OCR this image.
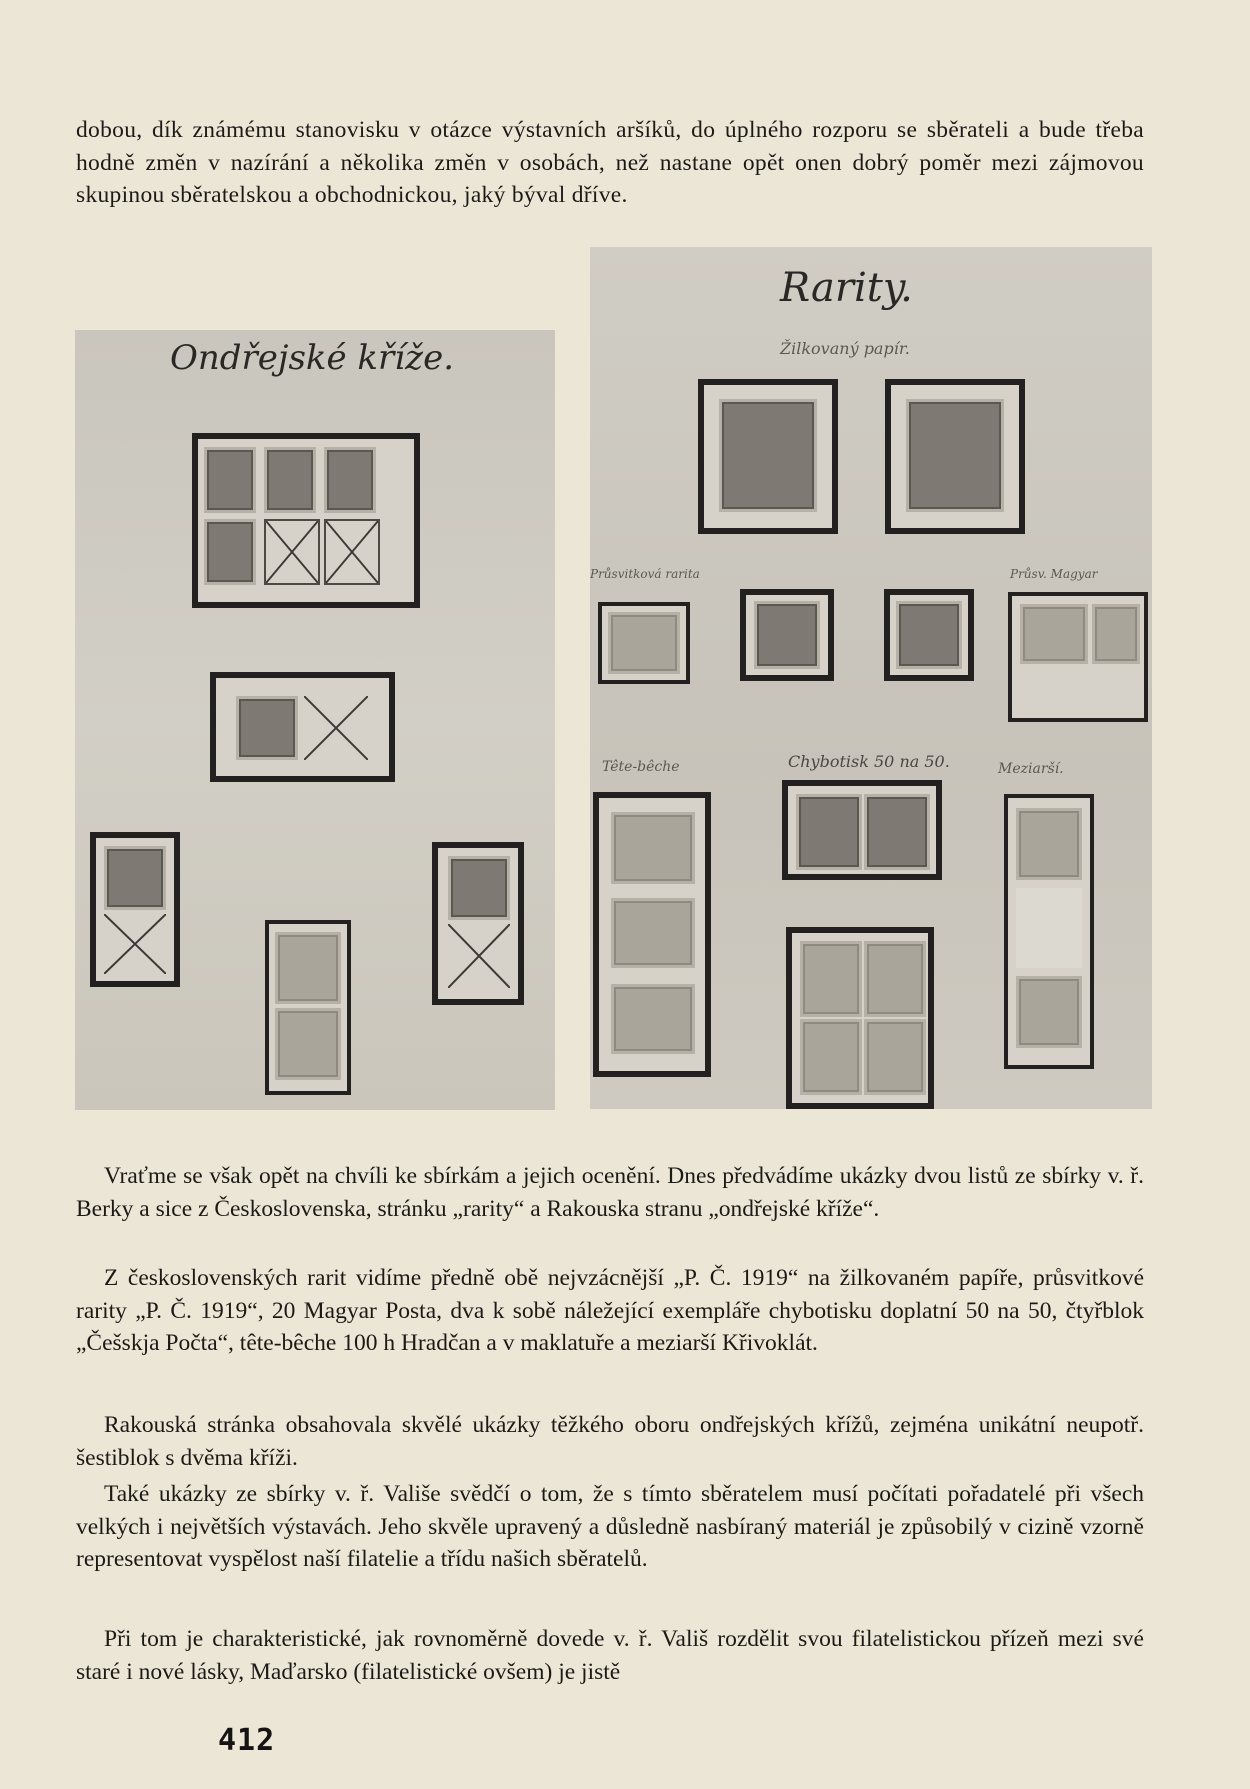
dobou, dík známému stanovisku v otázce výstavních aršíků, do úplného rozporu se sběrateli a bude třeba hodně změn v nazírání a několika změn v osobách, než nastane opět onen dobrý poměr mezi zájmovou skupinou sběratelskou a obchodnickou, jaký býval dříve.

Ondřejské kříže.
Rarity.
Žilkovaný papír.
Průsvitková rarita	Průsv. Magyar
Tête-bêche	Chybotisk 50 na 50.	Meziarší.

Vraťme se však opět na chvíli ke sbírkám a jejich ocenění. Dnes předvádíme ukázky dvou listů ze sbírky v. ř. Berky a sice z Československa, stránku „rarity“ a Rakouska stranu „ondřejské kříže“.

Z československých rarit vidíme předně obě nejvzácnější „P. Č. 1919“ na žilkovaném papíře, průsvitkové rarity „P. Č. 1919“, 20 Magyar Posta, dva k sobě náležející exempláře chybotisku doplatní 50 na 50, čtyřblok „Češskja Počta“, tête-bêche 100 h Hradčan a v maklatuře a meziarší Křivoklát.

Rakouská stránka obsahovala skvělé ukázky těžkého oboru ondřejských křížů, zejména unikátní neupotř. šestiblok s dvěma kříži.

Také ukázky ze sbírky v. ř. Vališe svědčí o tom, že s tímto sběratelem musí počítati pořadatelé při všech velkých i největších výstavách. Jeho skvěle upravený a důsledně nasbíraný materiál je způsobilý v cizině vzorně representovat vyspělost naší filatelie a třídu našich sběratelů.

Při tom je charakteristické, jak rovnoměrně dovede v. ř. Vališ rozdělit svou filatelistickou přízeň mezi své staré i nové lásky, Maďarsko (filatelistické ovšem) je jistě

412
